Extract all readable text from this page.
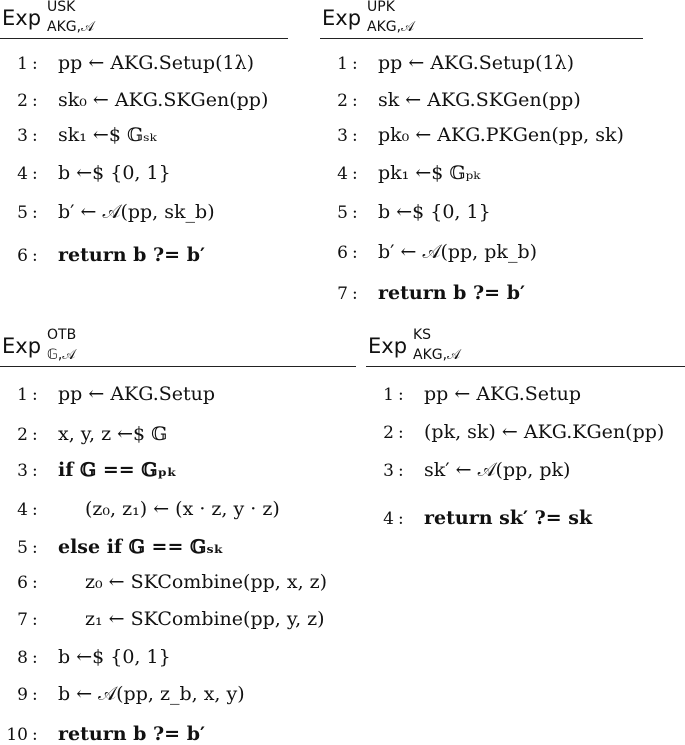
Exp USK
AKG,𝒜	Exp UPK
AKG,𝒜
Exp OTB
𝔾,𝒜	Exp KS
AKG,𝒜
1 : pp ← AKG.Setup(1λ)
2 : sk₀ ← AKG.SKGen(pp)
3 : sk₁ ←$ 𝔾ₛₖ
4 : b ←$ {0, 1}
5 : b′ ← 𝒜(pp, sk_b)
6 : return b ?= b′
1 : pp ← AKG.Setup(1λ)
2 : sk ← AKG.SKGen(pp)
3 : pk₀ ← AKG.PKGen(pp, sk)
4 : pk₁ ←$ 𝔾ₚₖ
5 : b ←$ {0, 1}
6 : b′ ← 𝒜(pp, pk_b)
7 : return b ?= b′
1 : pp ← AKG.Setup
2 : x, y, z ←$ 𝔾
3 : if 𝔾 == 𝔾ₚₖ
4 : (z₀, z₁) ← (x · z, y · z)
5 : else if 𝔾 == 𝔾ₛₖ
6 : z₀ ← SKCombine(pp, x, z)
7 : z₁ ← SKCombine(pp, y, z)
8 : b ←$ {0, 1}
9 : b ← 𝒜(pp, z_b, x, y)
10 : return b ?= b′
1 : pp ← AKG.Setup
2 : (pk, sk) ← AKG.KGen(pp)
3 : sk′ ← 𝒜(pp, pk)
4 : return sk′ ?= sk
